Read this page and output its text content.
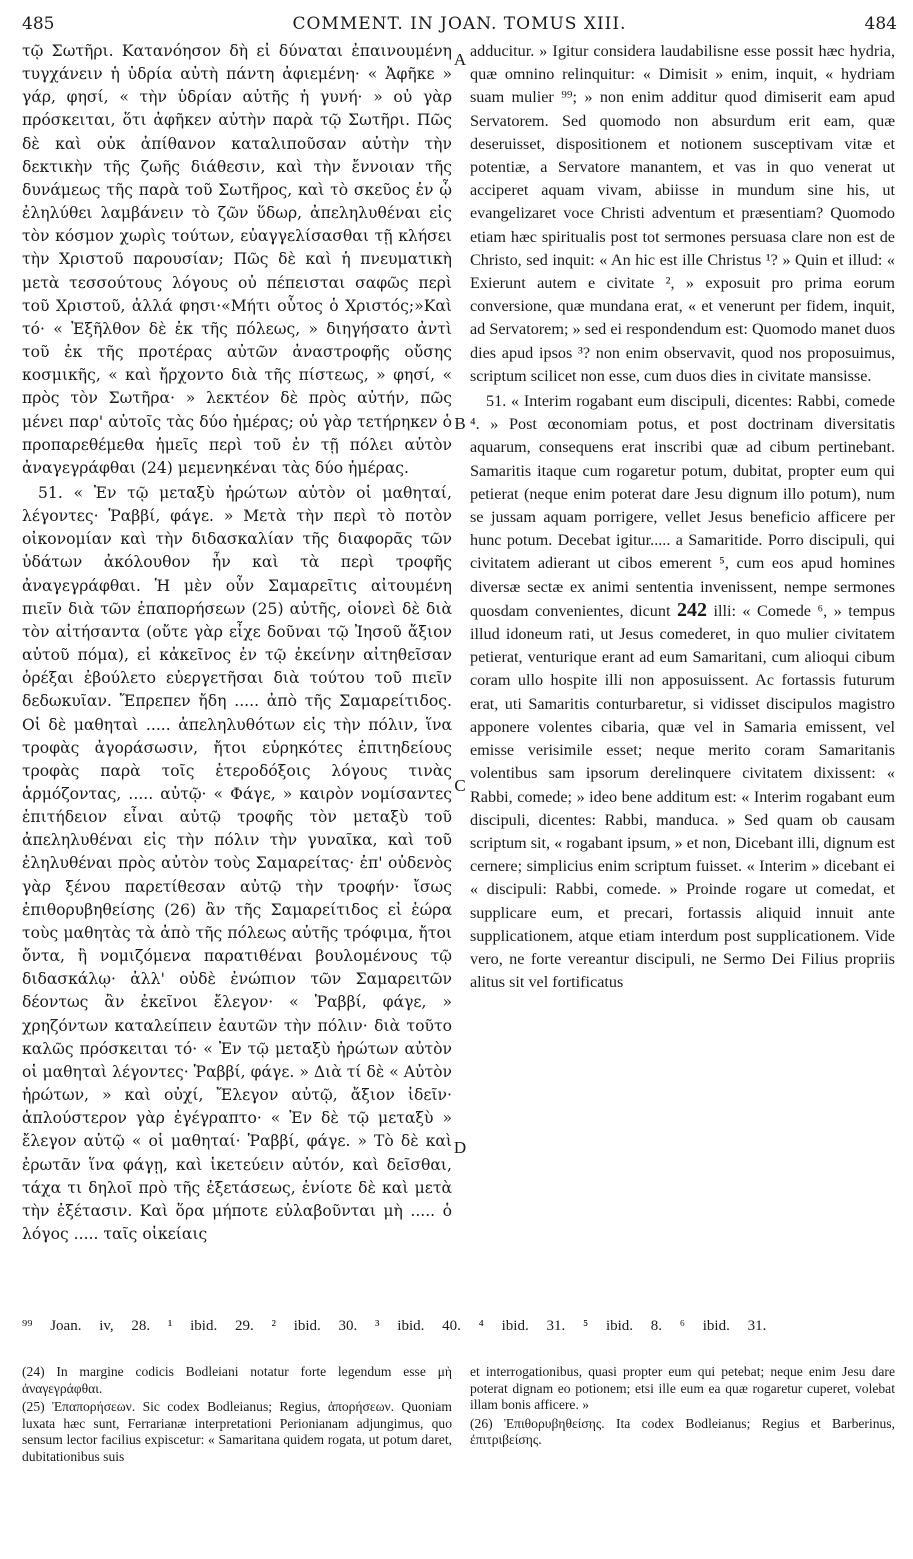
485	COMMENT. IN JOAN. TOMUS XIII.	484

τῷ Σωτῆρι. Κατανόησον δὴ εἰ δύναται ἐπαινουμένη τυγχάνειν ἡ ὑδρία αὐτὴ πάντη ἀφιεμένη· « Ἀφῆκε » γάρ, φησί, « τὴν ὑδρίαν αὐτῆς ἡ γυνή· » οὐ γὰρ πρόσκειται, ὅτι ἀφῆκεν αὐτὴν παρὰ τῷ Σωτῆρι. Πῶς δὲ καὶ οὐκ ἀπίθανον καταλιποῦσαν αὐτὴν τὴν δεκτικὴν τῆς ζωῆς διάθεσιν, καὶ τὴν ἔννοιαν τῆς δυνάμεως τῆς παρὰ τοῦ Σωτῆρος, καὶ τὸ σκεῦος ἐν ᾧ ἐληλύθει λαμβάνειν τὸ ζῶν ὕδωρ, ἀπεληλυθέναι εἰς τὸν κόσμον χωρὶς τούτων, εὐαγγελίσασθαι τῇ κλήσει τὴν Χριστοῦ παρουσίαν; Πῶς δὲ καὶ ἡ πνευματικὴ μετὰ τεσσούτους λόγους οὐ πέπεισται σαφῶς περὶ τοῦ Χριστοῦ, ἀλλά φησι·«Μήτι οὗτος ὁ Χριστός;»Καὶ τό· « Ἐξῆλθον δὲ ἐκ τῆς πόλεως, » διηγήσατο ἀντὶ τοῦ ἐκ τῆς προτέρας αὐτῶν ἀναστροφῆς οὔσης κοσμικῆς, « καὶ ἤρχοντο διὰ τῆς πίστεως, » φησί, « πρὸς τὸν Σωτῆρα· » λεκτέον δὲ πρὸς αὐτήν, πῶς μένει παρ' αὐτοῖς τὰς δύο ἡμέρας; οὐ γὰρ τετήρηκεν ὁ προπαρεθέμεθα ἡμεῖς περὶ τοῦ ἐν τῇ πόλει αὐτὸν ἀναγεγράφθαι (24) μεμενηκέναι τὰς δύο ἡμέρας.

51. « Ἐν τῷ μεταξὺ ἠρώτων αὐτὸν οἱ μαθηταί, λέγοντες· Ῥαββί, φάγε. » Μετὰ τὴν περὶ τὸ ποτὸν οἰκονομίαν καὶ τὴν διδασκαλίαν τῆς διαφορᾶς τῶν ὑδάτων ἀκόλουθον ἦν καὶ τὰ περὶ τροφῆς ἀναγεγράφθαι. Ἡ μὲν οὖν Σαμαρεῖτις αἰτουμένη πιεῖν διὰ τῶν ἐπαπορήσεων (25) αὐτῆς, οἱονεὶ δὲ διὰ τὸν αἰτήσαντα (οὔτε γὰρ εἶχε δοῦναι τῷ Ἰησοῦ ἄξιον αὐτοῦ πόμα), εἰ κἀκεῖνος ἐν τῷ ἐκείνην αἰτηθεῖσαν ὀρέξαι ἐβούλετο εὐεργετῆσαι διὰ τούτου τοῦ πιεῖν δεδωκυῖαν. Ἔπρεπεν ἤδη ..... ἀπὸ τῆς Σαμαρείτιδος. Οἱ δὲ μαθηταὶ ..... ἀπεληλυθότων εἰς τὴν πόλιν, ἵνα τροφὰς ἀγοράσωσιν, ἤτοι εὑρηκότες ἐπιτηδείους τροφὰς παρὰ τοῖς ἑτεροδόξοις λόγους τινὰς ἁρμόζοντας, ..... αὐτῷ· « Φάγε, » καιρὸν νομίσαντες ἐπιτήδειον εἶναι αὐτῷ τροφῆς τὸν μεταξὺ τοῦ ἀπεληλυθέναι εἰς τὴν πόλιν τὴν γυναῖκα, καὶ τοῦ ἐληλυθέναι πρὸς αὐτὸν τοὺς Σαμαρείτας· ἐπ' οὐδενὸς γὰρ ξένου παρετίθεσαν αὐτῷ τὴν τροφήν· ἴσως ἐπιθορυβηθείσης (26) ἂν τῆς Σαμαρείτιδος εἰ ἑώρα τοὺς μαθητὰς τὰ ἀπὸ τῆς πόλεως αὐτῆς τρόφιμα, ἤτοι ὄντα, ἢ νομιζόμενα παρατιθέναι βουλομένους τῷ διδασκάλῳ· ἀλλ' οὐδὲ ἐνώπιον τῶν Σαμαρειτῶν δέοντως ἂν ἐκεῖνοι ἔλεγον· « Ῥαββί, φάγε, » χρηζόντων καταλείπειν ἑαυτῶν τὴν πόλιν· διὰ τοῦτο καλῶς πρόσκειται τό· « Ἐν τῷ μεταξὺ ἠρώτων αὐτὸν οἱ μαθηταὶ λέγοντες· Ῥαββί, φάγε. » Διὰ τί δὲ « Αὐτὸν ἠρώτων, » καὶ οὐχί, Ἔλεγον αὐτῷ, ἄξιον ἰδεῖν· ἁπλούστερον γὰρ ἐγέγραπτο· « Ἐν δὲ τῷ μεταξὺ » ἔλεγον αὐτῷ « οἱ μαθηταί· Ῥαββί, φάγε. » Τὸ δὲ καὶ ἐρωτᾶν ἵνα φάγῃ, καὶ ἱκετεύειν αὐτόν, καὶ δεῖσθαι, τάχα τι δηλοῖ πρὸ τῆς ἐξετάσεως, ἐνίοτε δὲ καὶ μετὰ τὴν ἐξέτασιν. Καὶ ὅρα μήποτε εὐλαβοῦνται μὴ ..... ὁ λόγος ..... ταῖς οἰκείαις

A
B
C
D

adducitur. » Igitur considera laudabilisne esse possit hæc hydria, quæ omnino relinquitur: « Dimisit » enim, inquit, « hydriam suam mulier ⁹⁹; » non enim additur quod dimiserit eam apud Servatorem. Sed quomodo non absurdum erit eam, quæ deseruisset, dispositionem et notionem susceptivam vitæ et potentiæ, a Servatore manantem, et vas in quo venerat ut acciperet aquam vivam, abiisse in mundum sine his, ut evangelizaret voce Christi adventum et præsentiam? Quomodo etiam hæc spiritualis post tot sermones persuasa clare non est de Christo, sed inquit: « An hic est ille Christus ¹? » Quin et illud: « Exierunt autem e civitate ², » exposuit pro prima eorum conversione, quæ mundana erat, « et venerunt per fidem, inquit, ad Servatorem; » sed ei respondendum est: Quomodo manet duos dies apud ipsos ³? non enim observavit, quod nos proposuimus, scriptum scilicet non esse, cum duos dies in civitate mansisse.

51. « Interim rogabant eum discipuli, dicentes: Rabbi, comede ⁴. » Post œconomiam potus, et post doctrinam diversitatis aquarum, consequens erat inscribi quæ ad cibum pertinebant. Samaritis itaque cum rogaretur potum, dubitat, propter eum qui petierat (neque enim poterat dare Jesu dignum illo potum), num se jussam aquam porrigere, vellet Jesus beneficio afficere per hunc potum. Decebat igitur..... a Samaritide. Porro discipuli, qui civitatem adierant ut cibos emerent ⁵, cum eos apud homines diversæ sectæ ex animi sententia invenissent, nempe sermones quosdam convenientes, dicunt 242 illi: « Comede ⁶, » tempus illud idoneum rati, ut Jesus comederet, in quo mulier civitatem petierat, venturique erant ad eum Samaritani, cum alioqui cibum coram ullo hospite illi non apposuissent. Ac fortassis futurum erat, uti Samaritis conturbaretur, si vidisset discipulos magistro apponere volentes cibaria, quæ vel in Samaria emissent, vel emisse verisimile esset; neque merito coram Samaritanis volentibus sam ipsorum derelinquere civitatem dixissent: « Rabbi, comede; » ideo bene additum est: « Interim rogabant eum discipuli, dicentes: Rabbi, manduca. » Sed quam ob causam scriptum sit, « rogabant ipsum, » et non, Dicebant illi, dignum est cernere; simplicius enim scriptum fuisset. « Interim » dicebant ei « discipuli: Rabbi, comede. » Proinde rogare ut comedat, et supplicare eum, et precari, fortassis aliquid innuit ante supplicationem, atque etiam interdum post supplicationem. Vide vero, ne forte vereantur discipuli, ne Sermo Dei Filius propriis alitus sit vel fortificatus

⁹⁹ Joan. iv, 28. ¹ ibid. 29. ² ibid. 30. ³ ibid. 40. ⁴ ibid. 31. ⁵ ibid. 8. ⁶ ibid. 31.

(24) In margine codicis Bodleiani notatur forte legendum esse μὴ ἀναγεγράφθαι.

(25) Ἐπαπορήσεων. Sic codex Bodleianus; Regius, ἀπορήσεων. Quoniam luxata hæc sunt, Ferrarianæ interpretationi Perionianam adjungimus, quo sensum lector facilius expiscetur: « Samaritana quidem rogata, ut potum daret, dubitationibus suis

et interrogationibus, quasi propter eum qui petebat; neque enim Jesu dare poterat dignam eo potionem; etsi ille eum ea quæ rogaretur cuperet, volebat illam bonis afficere. »

(26) Ἐπιθορυβηθείσης. Ita codex Bodleianus; Regius et Barberinus, ἐπιτριβείσης.
